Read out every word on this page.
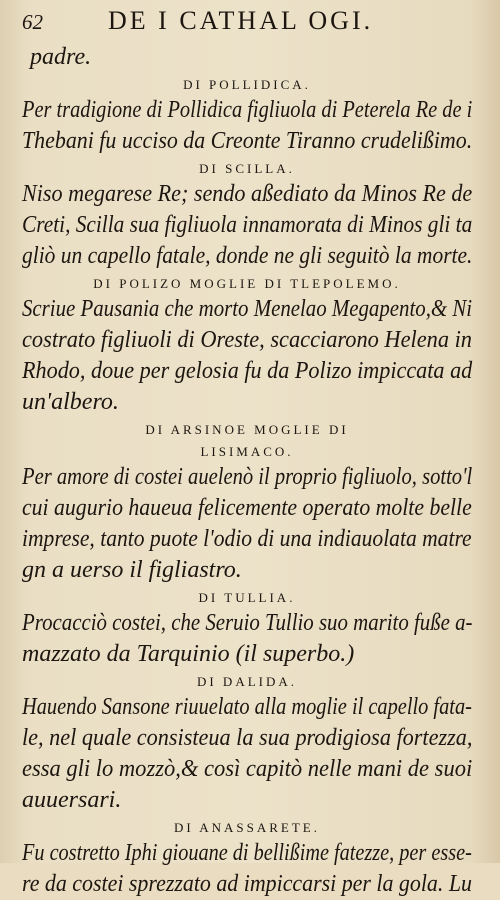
62	DE I CATHAL OGI.
padre.
DI POLLIDICA.
Per tradigione di Pollidica figliuola di Peterela Re de i
Thebani fu ucciso da Creonte Tiranno crudelißimo.
DI SCILLA.
Niso megarese Re; sendo aßediato da Minos Re de
Creti, Scilla sua figliuola innamorata di Minos gli ta
gliò un capello fatale, donde ne gli seguitò la morte.
DI POLIZO MOGLIE DI TLEPOLEMO.
Scriue Pausania che morto Menelao Megapento,& Ni
costrato figliuoli di Oreste, scacciarono Helena in
Rhodo, doue per gelosia fu da Polizo impiccata ad
un'albero.
DI ARSINOE MOGLIE DI
LISIMACO.
Per amore di costei auelenò il proprio figliuolo, sotto'l
cui augurio haueua felicemente operato molte belle
imprese, tanto puote l'odio di una indiauolata matre
gn a uerso il figliastro.
DI TULLIA.
Procacciò costei, che Seruio Tullio suo marito fuße a-
mazzato da Tarquinio (il superbo.)
DI DALIDA.
Hauendo Sansone riuuelato alla moglie il capello fata-
le, nel quale consisteua la sua prodigiosa fortezza,
essa gli lo mozzò,& così capitò nelle mani de suoi
auuersari.
DI ANASSARETE.
Fu costretto Iphi giouane di bellißime fatezze, per esse-
re da costei sprezzato ad impiccarsi per la gola. Lu
